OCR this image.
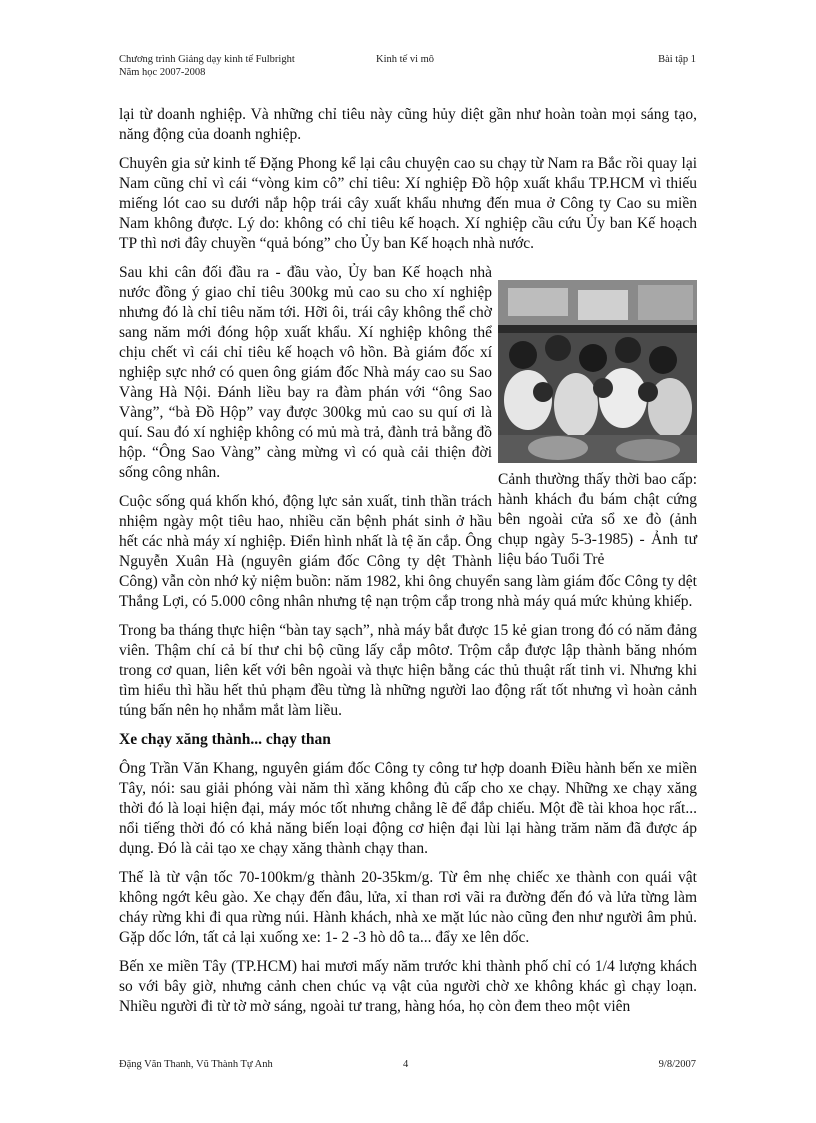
Chương trình Giảng dạy kinh tế Fulbright
Năm học 2007-2008
Kinh tế vi mô	Bài tập 1

lại từ doanh nghiệp. Và những chỉ tiêu này cũng hủy diệt gần như hoàn toàn mọi sáng tạo, năng động của doanh nghiệp.

Chuyên gia sử kinh tế Đặng Phong kể lại câu chuyện cao su chạy từ Nam ra Bắc rồi quay lại Nam cũng chỉ vì cái “vòng kim cô” chỉ tiêu: Xí nghiệp Đồ hộp xuất khẩu TP.HCM vì thiếu miếng lót cao su dưới nắp hộp trái cây xuất khẩu nhưng đến mua ở Công ty Cao su miền Nam không được. Lý do: không có chỉ tiêu kế hoạch. Xí nghiệp cầu cứu Ủy ban Kế hoạch TP thì nơi đây chuyền “quả bóng” cho Ủy ban Kế hoạch nhà nước.

Cảnh thường thấy thời bao cấp: hành khách đu bám chật cứng bên ngoài cửa sổ xe đò (ảnh chụp ngày 5-3-1985) - Ảnh tư liệu báo Tuổi Trẻ

Sau khi cân đối đầu ra - đầu vào, Ủy ban Kế hoạch nhà nước đồng ý giao chỉ tiêu 300kg mủ cao su cho xí nghiệp nhưng đó là chỉ tiêu năm tới. Hỡi ôi, trái cây không thể chờ sang năm mới đóng hộp xuất khẩu. Xí nghiệp không thể chịu chết vì cái chỉ tiêu kế hoạch vô hồn. Bà giám đốc xí nghiệp sực nhớ có quen ông giám đốc Nhà máy cao su Sao Vàng Hà Nội. Đánh liều bay ra đàm phán với “ông Sao Vàng”, “bà Đồ Hộp” vay được 300kg mủ cao su quí ơi là quí. Sau đó xí nghiệp không có mủ mà trả, đành trả bằng đồ hộp. “Ông Sao Vàng” càng mừng vì có quà cải thiện đời sống công nhân.

Cuộc sống quá khốn khó, động lực sản xuất, tinh thần trách nhiệm ngày một tiêu hao, nhiều căn bệnh phát sinh ở hầu hết các nhà máy xí nghiệp. Điển hình nhất là tệ ăn cắp. Ông Nguyễn Xuân Hà (nguyên giám đốc Công ty dệt Thành Công) vẫn còn nhớ kỷ niệm buồn: năm 1982, khi ông chuyển sang làm giám đốc Công ty dệt Thắng Lợi, có 5.000 công nhân nhưng tệ nạn trộm cắp trong nhà máy quá mức khủng khiếp.

Trong ba tháng thực hiện “bàn tay sạch”, nhà máy bắt được 15 kẻ gian trong đó có năm đảng viên. Thậm chí cả bí thư chi bộ cũng lấy cắp môtơ. Trộm cắp được lập thành băng nhóm trong cơ quan, liên kết với bên ngoài và thực hiện bằng các thủ thuật rất tinh vi. Nhưng khi tìm hiểu thì hầu hết thủ phạm đều từng là những người lao động rất tốt nhưng vì hoàn cảnh túng bấn nên họ nhắm mắt làm liều.

Xe chạy xăng thành... chạy than

Ông Trần Văn Khang, nguyên giám đốc Công ty công tư hợp doanh Điều hành bến xe miền Tây, nói: sau giải phóng vài năm thì xăng không đủ cấp cho xe chạy. Những xe chạy xăng thời đó là loại hiện đại, máy móc tốt nhưng chẳng lẽ để đắp chiếu. Một đề tài khoa học rất... nổi tiếng thời đó có khả năng biến loại động cơ hiện đại lùi lại hàng trăm năm đã được áp dụng. Đó là cải tạo xe chạy xăng thành chạy than.

Thế là từ vận tốc 70-100km/g thành 20-35km/g. Từ êm nhẹ chiếc xe thành con quái vật không ngớt kêu gào. Xe chạy đến đâu, lửa, xỉ than rơi vãi ra đường đến đó và lửa từng làm cháy rừng khi đi qua rừng núi. Hành khách, nhà xe mặt lúc nào cũng đen như người âm phủ. Gặp dốc lớn, tất cả lại xuống xe: 1- 2 -3 hò dô ta... đẩy xe lên dốc.

Bến xe miền Tây (TP.HCM) hai mươi mấy năm trước khi thành phố chỉ có 1/4 lượng khách so với bây giờ, nhưng cảnh chen chúc vạ vật của người chờ xe không khác gì chạy loạn. Nhiều người đi từ tờ mờ sáng, ngoài tư trang, hàng hóa, họ còn đem theo một viên

Đặng Văn Thanh, Vũ Thành Tự Anh	4	9/8/2007
